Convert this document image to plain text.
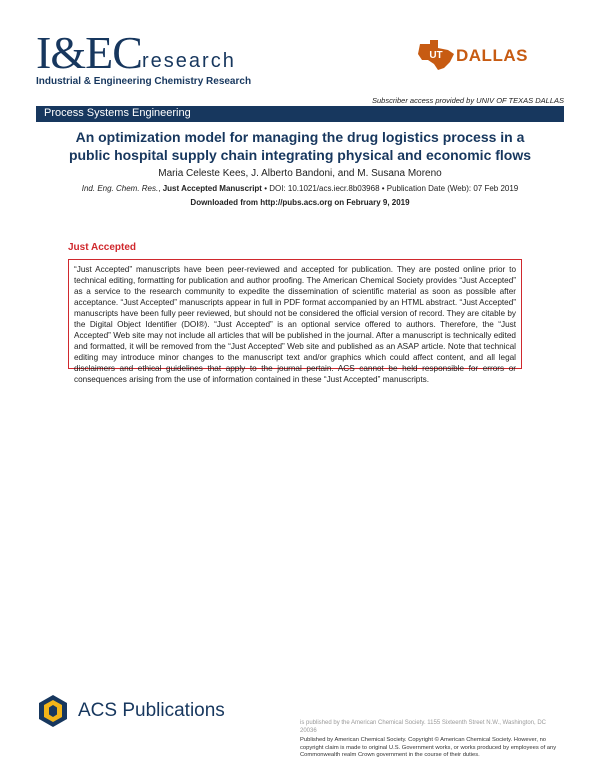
I&EC research
Industrial & Engineering Chemistry Research
UT DALLAS
Subscriber access provided by UNIV OF TEXAS DALLAS
Process Systems Engineering
An optimization model for managing the drug logistics process in a
public hospital supply chain integrating physical and economic flows
Maria Celeste Kees, J. Alberto Bandoni, and M. Susana Moreno
Ind. Eng. Chem. Res., Just Accepted Manuscript • DOI: 10.1021/acs.iecr.8b03968 • Publication Date (Web): 07 Feb 2019
Downloaded from http://pubs.acs.org on February 9, 2019
Just Accepted

“Just Accepted” manuscripts have been peer-reviewed and accepted for publication. They are posted online prior to technical editing, formatting for publication and author proofing. The American Chemical Society provides “Just Accepted” as a service to the research community to expedite the dissemination of scientific material as soon as possible after acceptance. “Just Accepted” manuscripts appear in full in PDF format accompanied by an HTML abstract. “Just Accepted” manuscripts have been fully peer reviewed, but should not be considered the official version of record. They are citable by the Digital Object Identifier (DOI®). “Just Accepted” is an optional service offered to authors. Therefore, the “Just Accepted” Web site may not include all articles that will be published in the journal. After a manuscript is technically edited and formatted, it will be removed from the “Just Accepted” Web site and published as an ASAP article. Note that technical editing may introduce minor changes to the manuscript text and/or graphics which could affect content, and all legal disclaimers and ethical guidelines that apply to the journal pertain. ACS cannot be held responsible for errors or consequences arising from the use of information contained in these “Just Accepted” manuscripts.

ACS Publications
is published by the American Chemical Society. 1155 Sixteenth Street N.W., Washington, DC 20036
Published by American Chemical Society. Copyright © American Chemical Society. However, no copyright claim is made to original U.S. Government works, or works produced by employees of any Commonwealth realm Crown government in the course of their duties.
